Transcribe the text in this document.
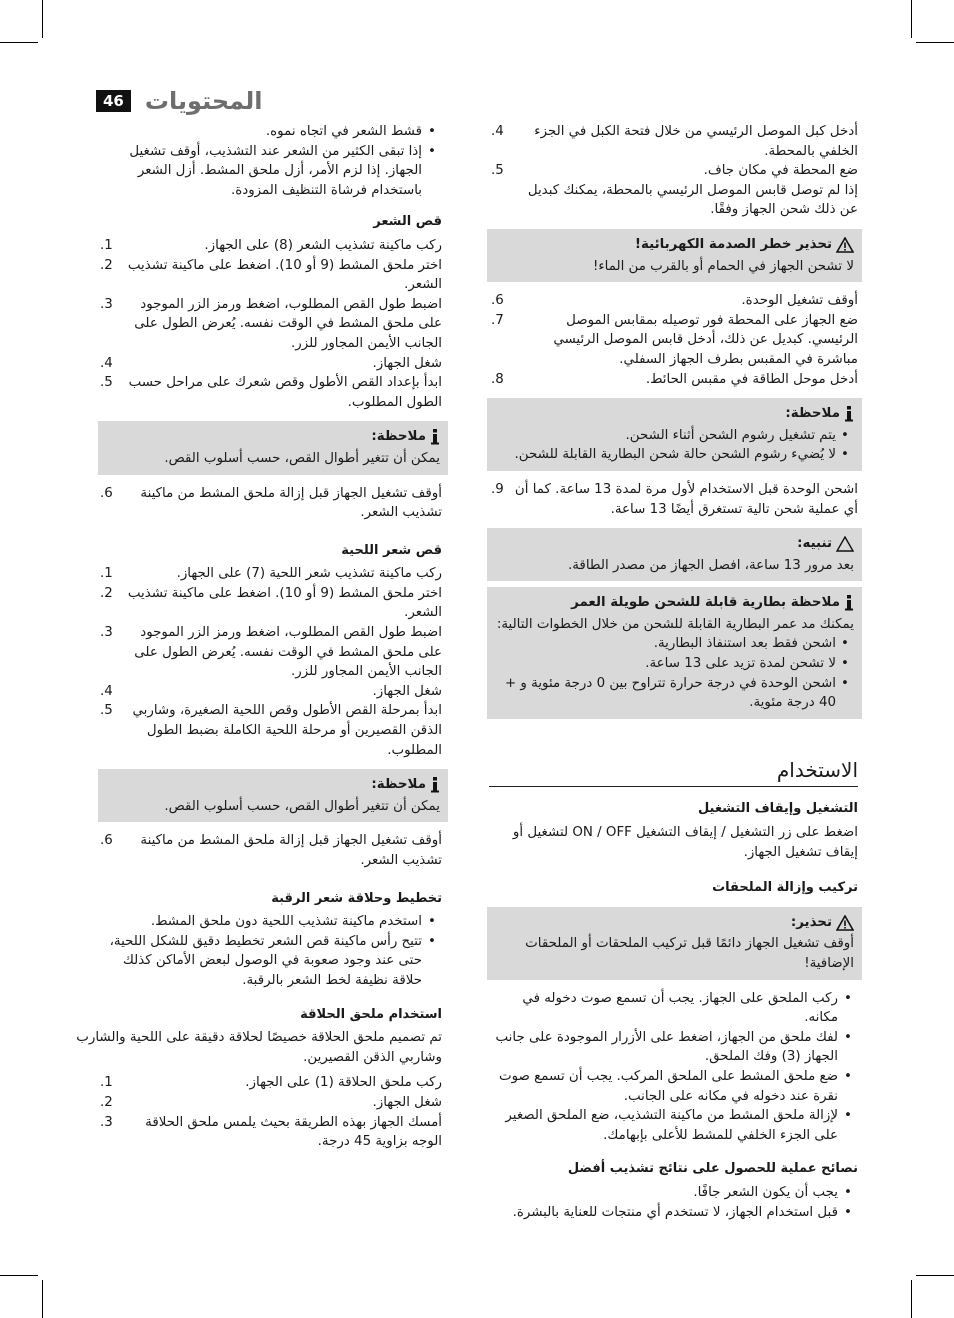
46 المحتويات
أدخل كبل الموصل الرئيسي من خلال فتحة الكبل في الجزء الخلفي بالمحطة.
.4
ضع المحطة في مكان جاف.
.5
إذا لم توصل قابس الموصل الرئيسي بالمحطة، يمكنك كبديل عن ذلك شحن الجهاز وفقًا.
تحذير خطر الصدمة الكهربائية!
لا تشحن الجهاز في الحمام أو بالقرب من الماء!
أوقف تشغيل الوحدة.
.6
ضع الجهاز على المحطة فور توصيله بمقابس الموصل الرئيسي. كبديل عن ذلك، أدخل قابس الموصل الرئيسي مباشرة في المقبس بطرف الجهاز السفلي.
.7
أدخل موحل الطاقة في مقبس الحائط.
.8
ملاحظة:
•
يتم تشغيل رشوم الشحن أثناء الشحن.
•
لا يُضيء رشوم الشحن حالة شحن البطارية القابلة للشحن.
اشحن الوحدة قبل الاستخدام لأول مرة لمدة 13 ساعة. كما أن أي عملية شحن تالية تستغرق أيضًا 13 ساعة.
.9
تنبيه:
بعد مرور 13 ساعة، افصل الجهاز من مصدر الطاقة.
ملاحظة بطارية قابلة للشحن طويلة العمر
يمكنك مد عمر البطارية القابلة للشحن من خلال الخطوات التالية:
•
اشحن فقط بعد استنفاذ البطارية.
•
لا تشحن لمدة تزيد على 13 ساعة.
•
اشحن الوحدة في درجة حرارة تتراوح بين 0 درجة مئوية و + 40 درجة مئوية.
الاستخدام
التشغيل وإيقاف التشغيل
اضغط على زر التشغيل / إيقاف التشغيل ON / OFF لتشغيل أو إيقاف تشغيل الجهاز.
تركيب وإزالة الملحقات
تحذير:
أوقف تشغيل الجهاز دائمًا قبل تركيب الملحقات أو الملحقات الإضافية!
•
ركب الملحق على الجهاز. يجب أن تسمع صوت دخوله في مكانه.
•
لفك ملحق من الجهاز، اضغط على الأزرار الموجودة على جانب الجهاز (3) وفك الملحق.
•
ضع ملحق المشط على الملحق المركب. يجب أن تسمع صوت نقرة عند دخوله في مكانه على الجانب.
•
لإزالة ملحق المشط من ماكينة التشذيب، ضع الملحق الصغير على الجزء الخلفي للمشط للأعلى بإبهامك.
نصائح عملية للحصول على نتائج تشذيب أفضل
•
يجب أن يكون الشعر جافًا.
•
قبل استخدام الجهاز، لا تستخدم أي منتجات للعناية بالبشرة.
•
قشط الشعر في اتجاه نموه.
•
إذا تبقى الكثير من الشعر عند التشذيب، أوقف تشغيل الجهاز. إذا لزم الأمر، أزل ملحق المشط. أزل الشعر باستخدام فرشاة التنظيف المزودة.
قص الشعر
ركب ماكينة تشذيب الشعر (8) على الجهاز.
.1
اختر ملحق المشط (9 أو 10). اضغط على ماكينة تشذيب الشعر.
.2
اضبط طول القص المطلوب، اضغط ورمز الزر الموجود على ملحق المشط في الوقت نفسه. يُعرض الطول على الجانب الأيمن المجاور للزر.
.3
شغل الجهاز.
.4
ابدأ بإعداد القص الأطول وقص شعرك على مراحل حسب الطول المطلوب.
.5
ملاحظة:
يمكن أن تتغير أطوال القص، حسب أسلوب القص.
أوقف تشغيل الجهاز قبل إزالة ملحق المشط من ماكينة تشذيب الشعر.
.6
قص شعر اللحية
ركب ماكينة تشذيب شعر اللحية (7) على الجهاز.
.1
اختر ملحق المشط (9 أو 10). اضغط على ماكينة تشذيب الشعر.
.2
اضبط طول القص المطلوب، اضغط ورمز الزر الموجود على ملحق المشط في الوقت نفسه. يُعرض الطول على الجانب الأيمن المجاور للزر.
.3
شغل الجهاز.
.4
ابدأ بمرحلة القص الأطول وقص اللحية الصغيرة، وشاربي الذقن القصيرين أو مرحلة اللحية الكاملة بضبط الطول المطلوب.
.5
ملاحظة:
يمكن أن تتغير أطوال القص، حسب أسلوب القص.
أوقف تشغيل الجهاز قبل إزالة ملحق المشط من ماكينة تشذيب الشعر.
.6
تخطيط وحلاقة شعر الرقبة
•
استخدم ماكينة تشذيب اللحية دون ملحق المشط.
•
تتيح رأس ماكينة قص الشعر تخطيط دقيق للشكل اللحية، حتى عند وجود صعوبة في الوصول لبعض الأماكن كذلك حلاقة نظيفة لخط الشعر بالرقبة.
استخدام ملحق الحلاقة
تم تصميم ملحق الحلاقة خصيصًا لحلاقة دقيقة على اللحية والشارب وشاربي الذقن القصيرين.
ركب ملحق الحلاقة (1) على الجهاز.
.1
شغل الجهاز.
.2
أمسك الجهاز بهذه الطريقة بحيث يلمس ملحق الحلاقة الوجه بزاوية 45 درجة.
.3
